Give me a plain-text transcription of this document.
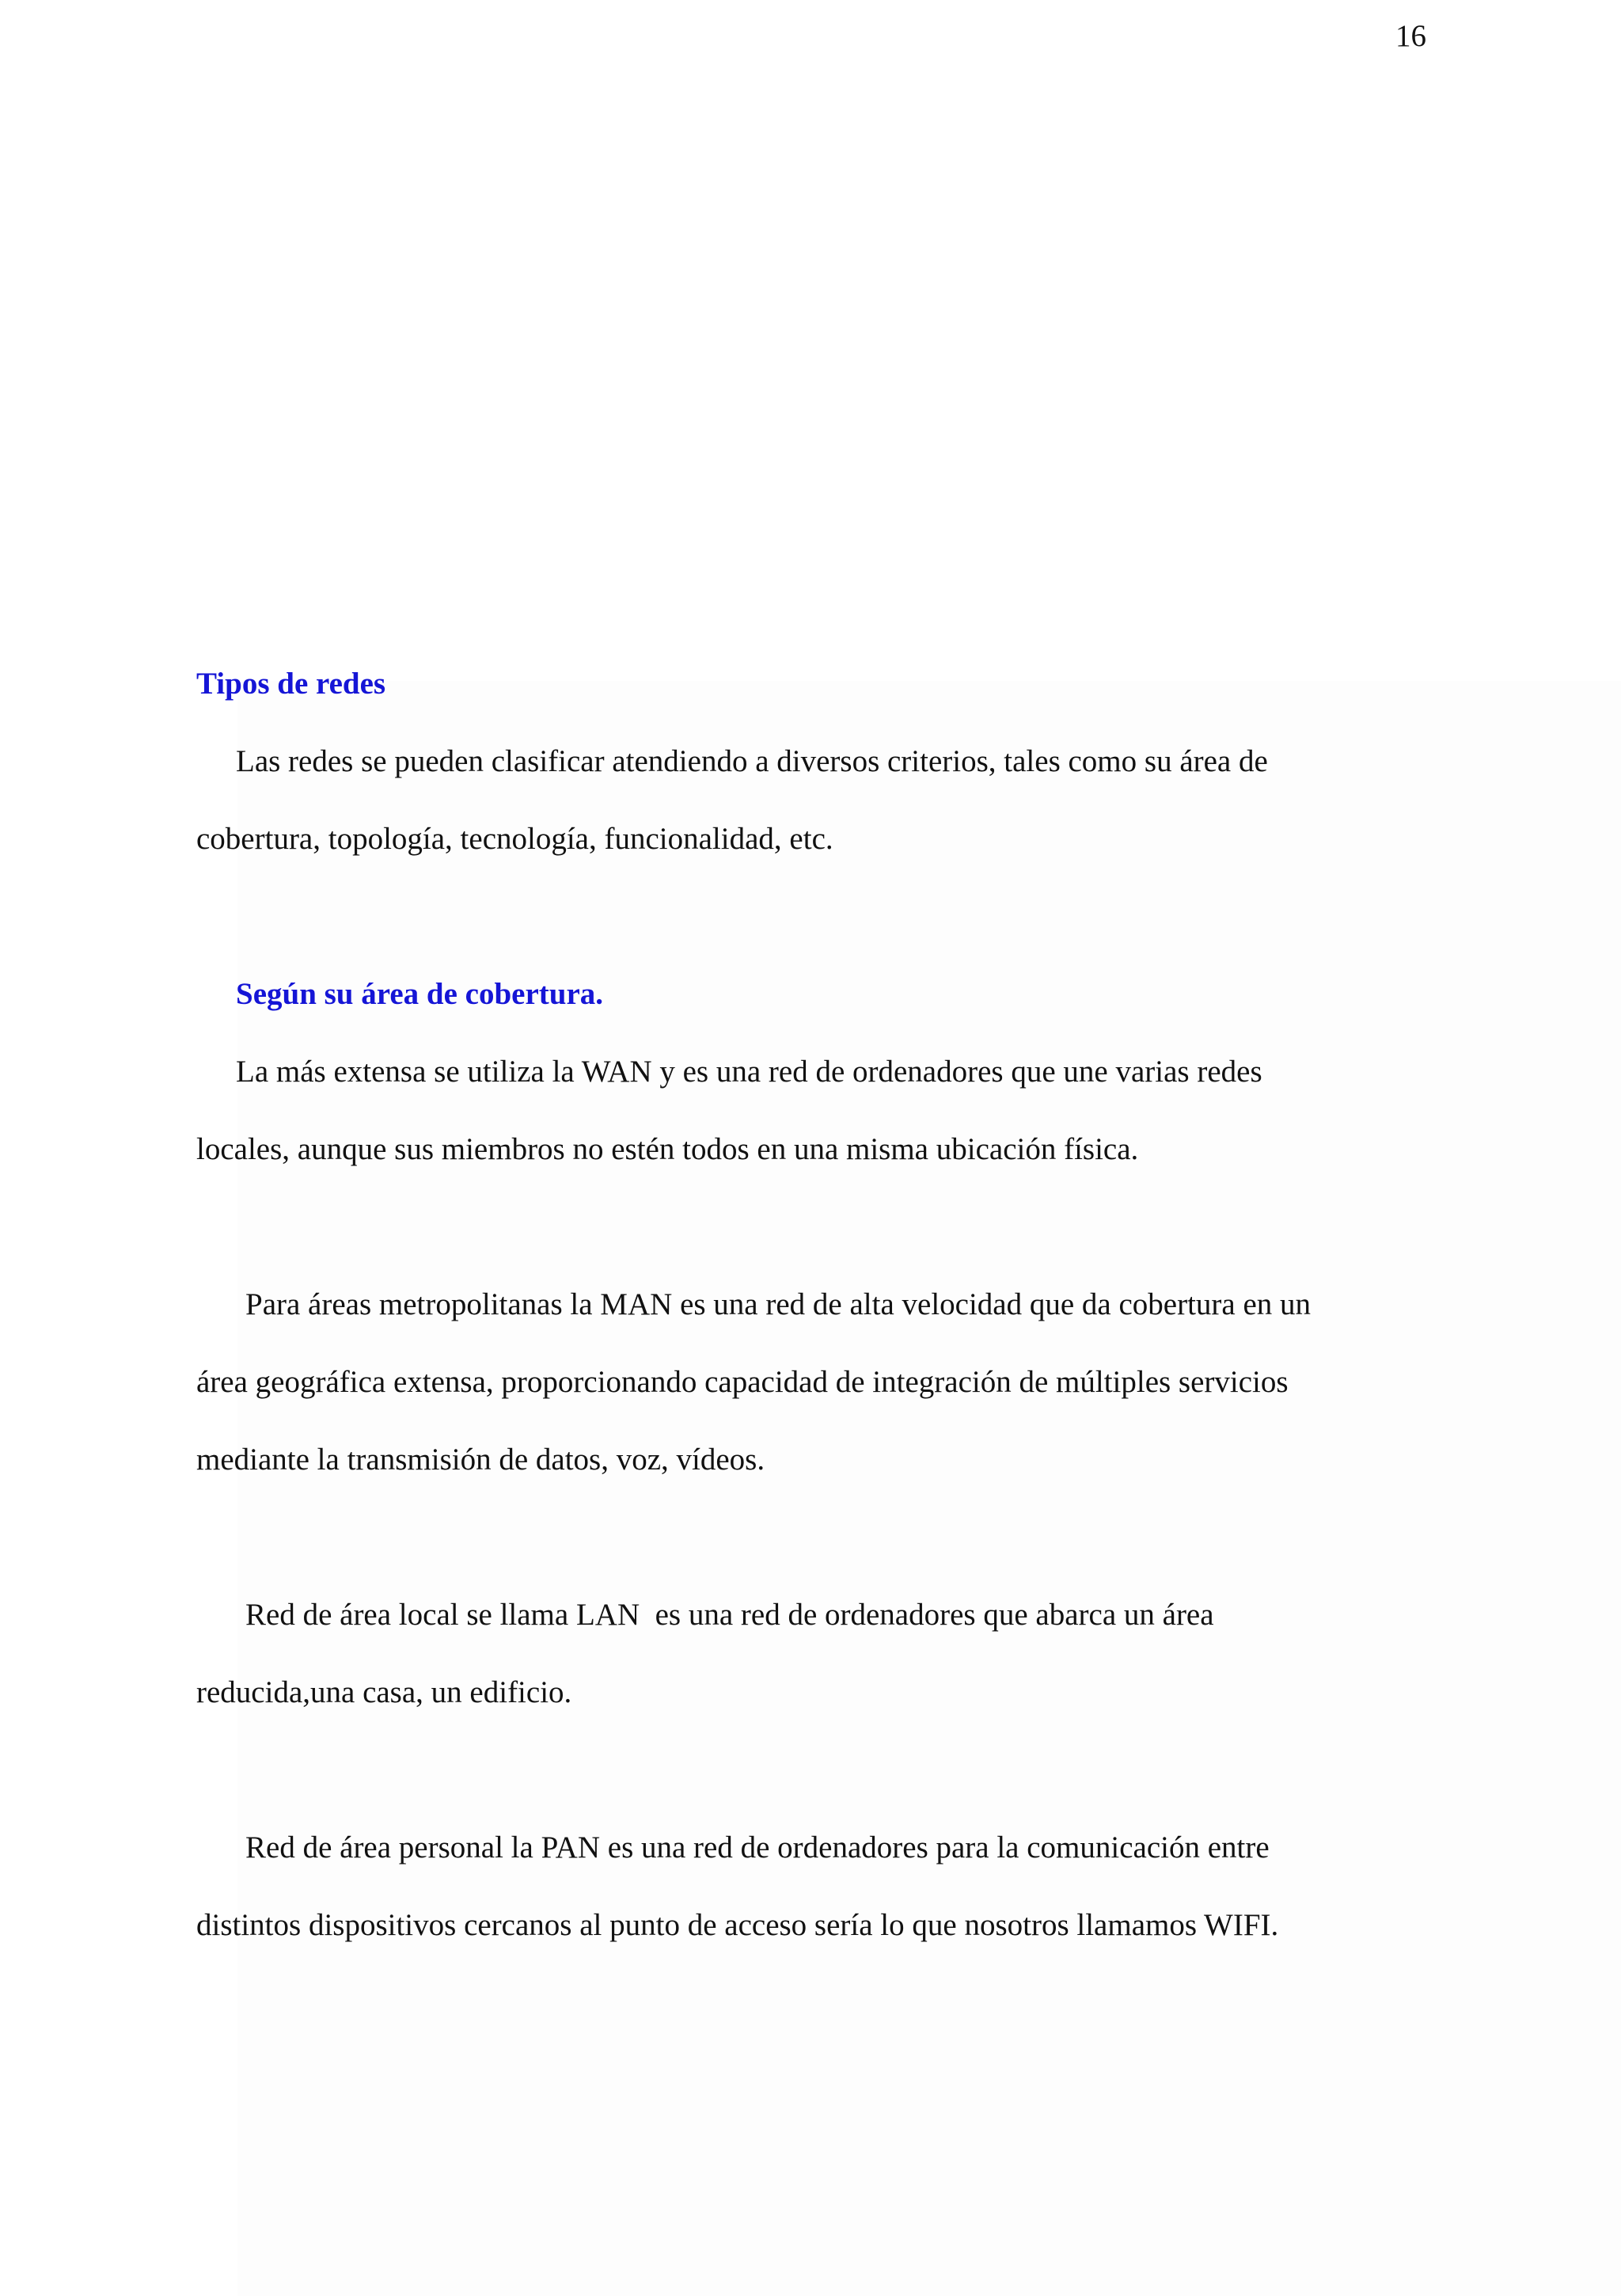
16
Tipos de redes
Las redes se pueden clasificar atendiendo a diversos criterios, tales como su área de
cobertura, topología, tecnología, funcionalidad, etc.
Según su área de cobertura.
La más extensa se utiliza la WAN y es una red de ordenadores que une varias redes
locales, aunque sus miembros no estén todos en una misma ubicación física.
Para áreas metropolitanas la MAN es una red de alta velocidad que da cobertura en un
área geográfica extensa, proporcionando capacidad de integración de múltiples servicios
mediante la transmisión de datos, voz, vídeos.
Red de área local se llama LAN  es una red de ordenadores que abarca un área
reducida,una casa, un edificio.
Red de área personal la PAN es una red de ordenadores para la comunicación entre
distintos dispositivos cercanos al punto de acceso sería lo que nosotros llamamos WIFI.
